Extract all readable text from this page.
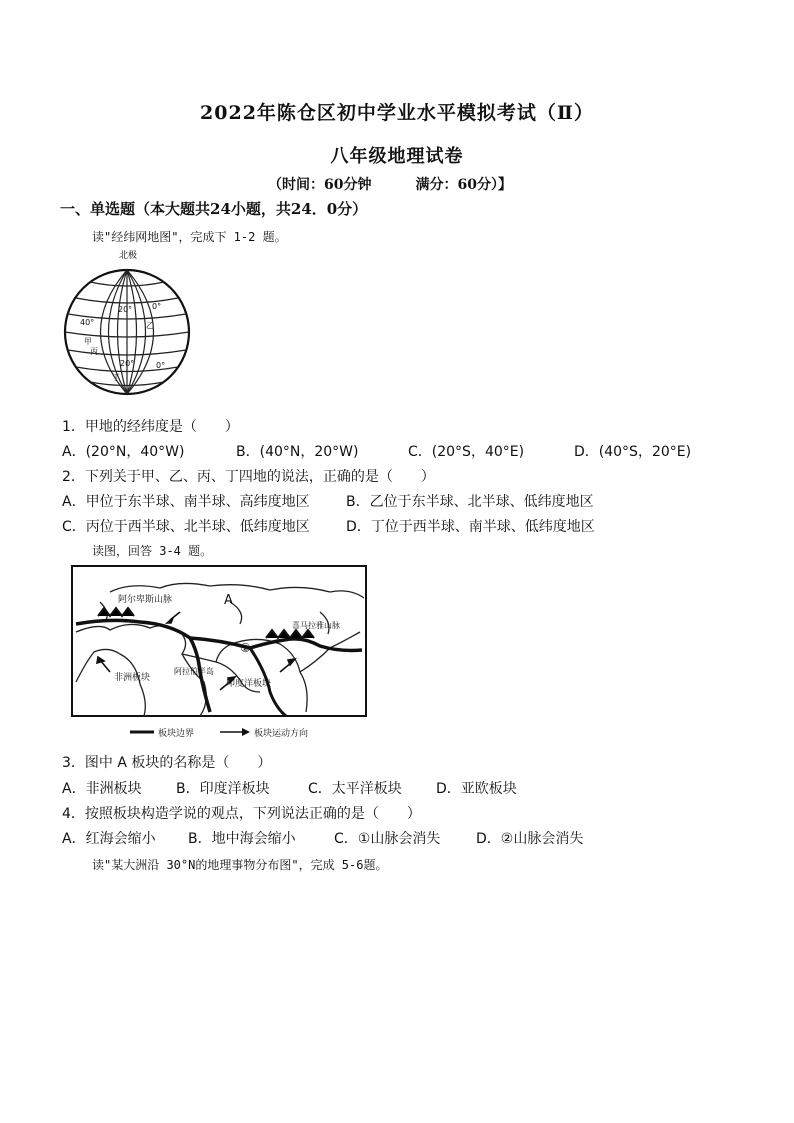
2022年陈仓区初中学业水平模拟考试（Ⅱ）
八年级地理试卷
（时间：60分钟	满分：60分）】
一、单选题（本大题共24小题，共24．0分）
读"经纬网地图"，完成下 1-2 题。
北极
40°
20° 0°
甲
乙
丙
丁
0°
20°
1．甲地的经纬度是（　　）
A．(20°N，40°W)	B．(40°N，20°W)	C．(20°S，40°E)	D．(40°S，20°E)
2．下列关于甲、乙、丙、丁四地的说法，正确的是（　　）
A．甲位于东半球、南半球、高纬度地区	B．乙位于东半球、北半球、低纬度地区
C．丙位于西半球、北半球、低纬度地区	D．丁位于西半球、南半球、低纬度地区
读图，回答 3-4 题。
A
②
阿尔卑斯山脉
非洲板块
印度洋板块
阿拉伯半岛
喜马拉雅山脉
板块边界	板块运动方向
3．图中 A 板块的名称是（　　）
A．非洲板块 B．印度洋板块	C．太平洋板块 D．亚欧板块
4．按照板块构造学说的观点，下列说法正确的是（　　）
A．红海会缩小 B．地中海会缩小	C．①山脉会消失	D．②山脉会消失
读"某大洲沿 30°N的地理事物分布图"，完成 5-6题。
